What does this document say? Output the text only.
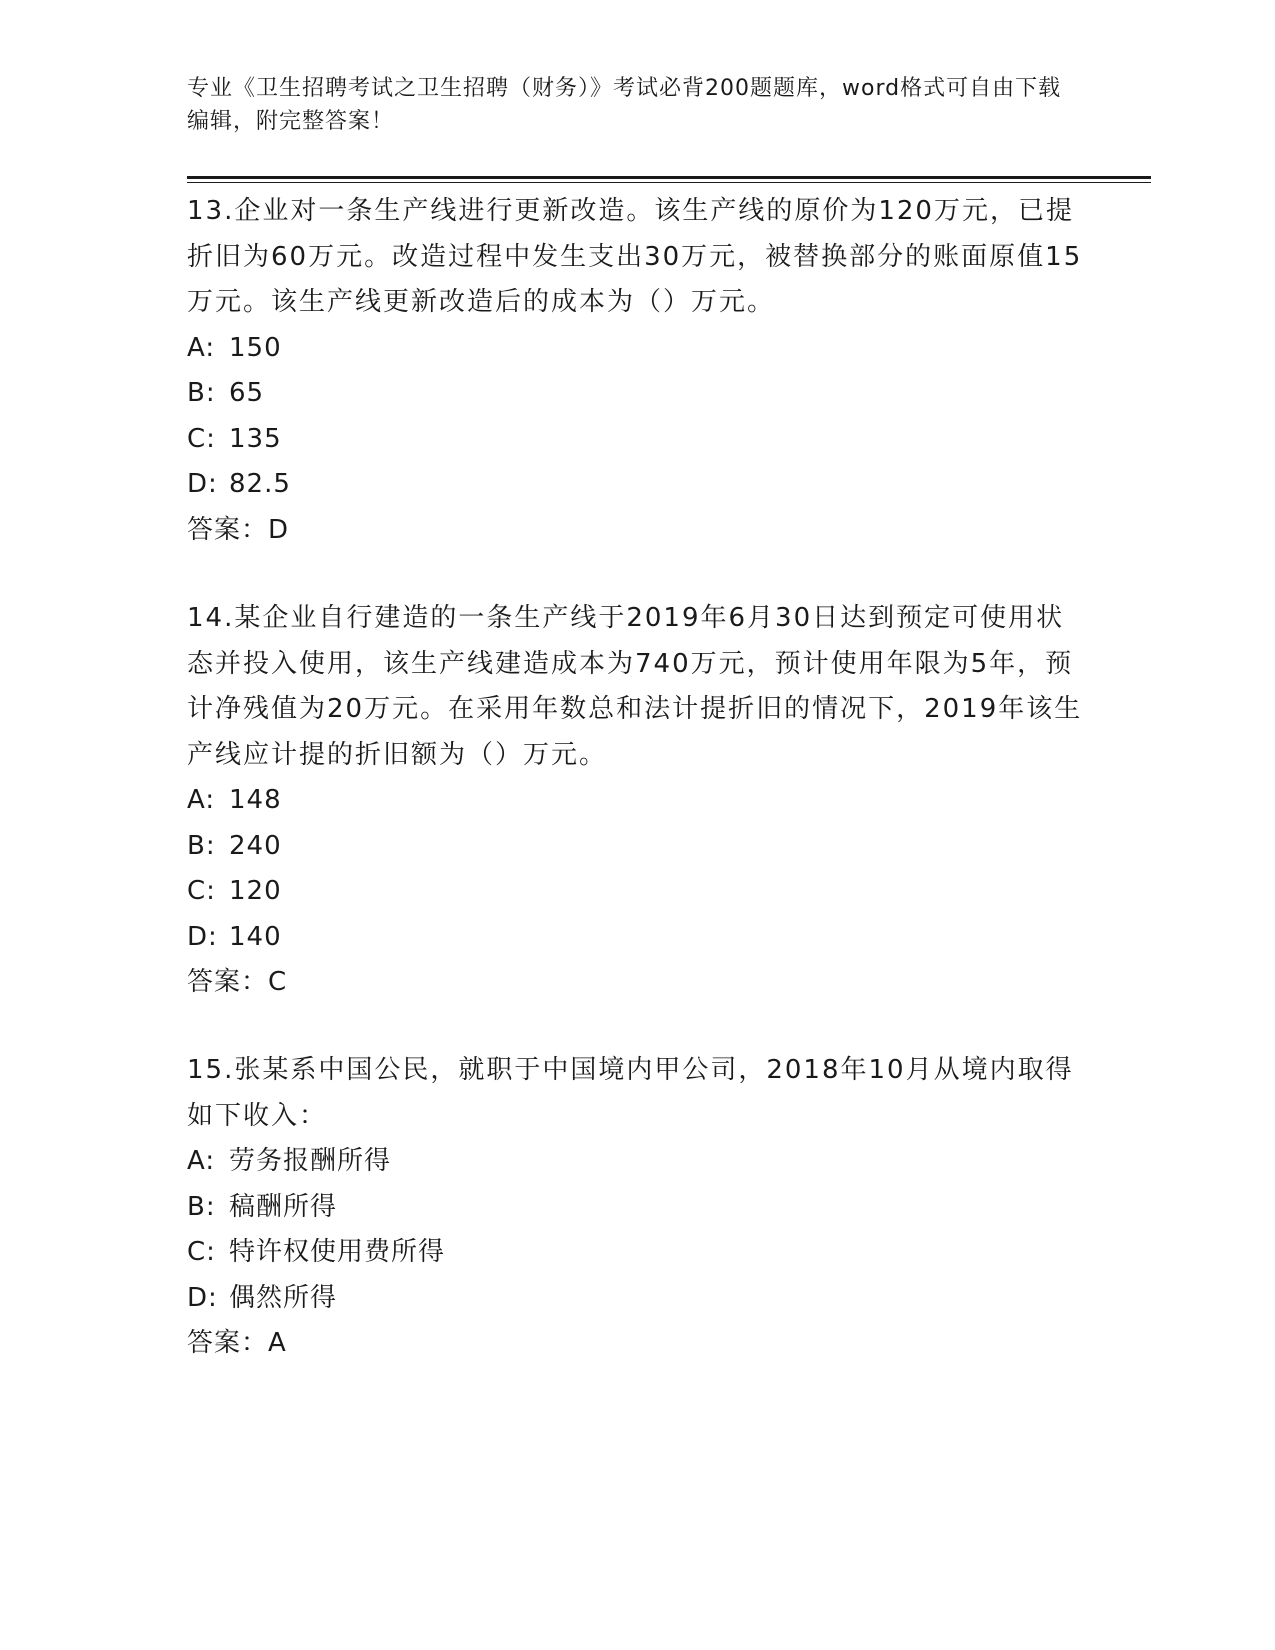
专业《卫生招聘考试之卫生招聘（财务）》考试必背200题题库，word格式可自由下载编辑，附完整答案！
13.企业对一条生产线进行更新改造。该生产线的原价为120万元，已提折旧为60万元。改造过程中发生支出30万元，被替换部分的账面原值15万元。该生产线更新改造后的成本为（）万元。
A: 150
B: 65
C: 135
D: 82.5
答案：D
14.某企业自行建造的一条生产线于2019年6月30日达到预定可使用状态并投入使用，该生产线建造成本为740万元，预计使用年限为5年，预计净残值为20万元。在采用年数总和法计提折旧的情况下，2019年该生产线应计提的折旧额为（）万元。
A: 148
B: 240
C: 120
D: 140
答案：C
15.张某系中国公民，就职于中国境内甲公司，2018年10月从境内取得如下收入：
A: 劳务报酬所得
B: 稿酬所得
C: 特许权使用费所得
D: 偶然所得
答案：A
